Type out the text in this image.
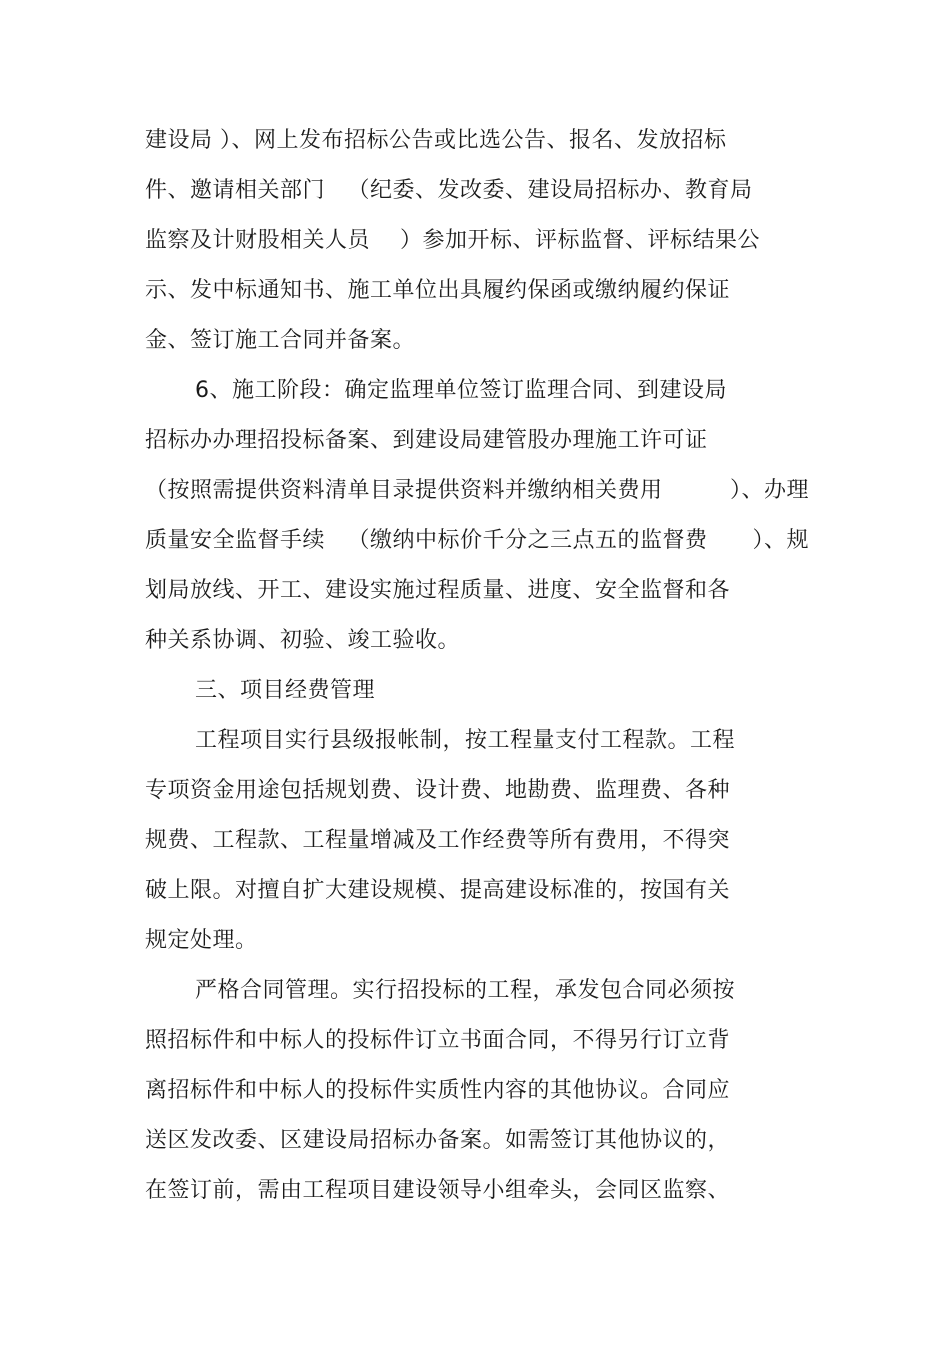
建设局 ）、网上发布招标公告或比选公告、报名、发放招标
件、邀请相关部门   （纪委、发改委、建设局招标办、教育局
监察及计财股相关人员    ）参加开标、评标监督、评标结果公
示、发中标通知书、施工单位出具履约保函或缴纳履约保证
金、签订施工合同并备案。
6、施工阶段：确定监理单位签订监理合同、到建设局
招标办办理招投标备案、到建设局建管股办理施工许可证
（按照需提供资料清单目录提供资料并缴纳相关费用         ）、办理
质量安全监督手续   （缴纳中标价千分之三点五的监督费      ）、规
划局放线、开工、建设实施过程质量、进度、安全监督和各
种关系协调、初验、竣工验收。
三、项目经费管理
工程项目实行县级报帐制，按工程量支付工程款。工程
专项资金用途包括规划费、设计费、地勘费、监理费、各种
规费、工程款、工程量增减及工作经费等所有费用，不得突
破上限。对擅自扩大建设规模、提高建设标准的，按国有关
规定处理。
严格合同管理。实行招投标的工程，承发包合同必须按
照招标件和中标人的投标件订立书面合同，不得另行订立背
离招标件和中标人的投标件实质性内容的其他协议。合同应
送区发改委、区建设局招标办备案。如需签订其他协议的，
在签订前，需由工程项目建设领导小组牵头，会同区监察、
